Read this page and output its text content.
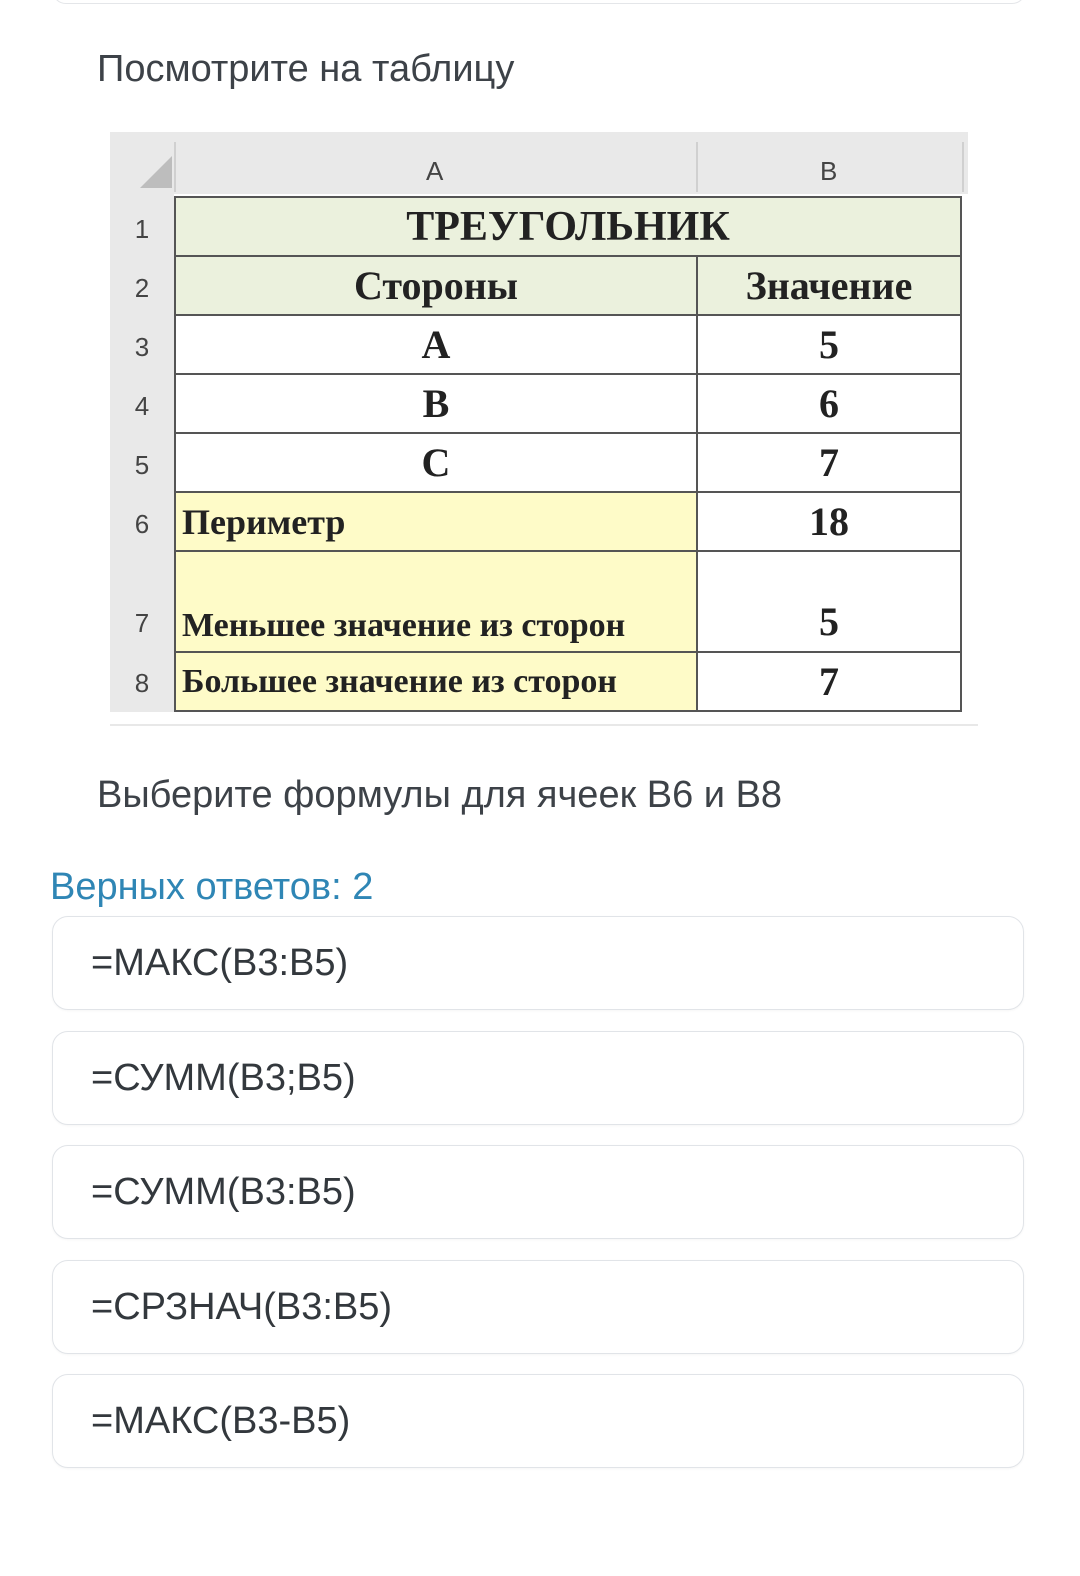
Посмотрите на таблицу
A	B
1
2
3
4
5
6
7
8
ТРЕУГОЛЬНИК
Стороны	Значение
A	5
B	6
C	7
Периметр	18
Меньшее значение из сторон	5
Большее значение из сторон	7
Выберите формулы для ячеек B6 и B8
Верных ответов: 2
=МАКС(B3:B5)
=СУММ(B3;B5)
=СУММ(B3:B5)
=СРЗНАЧ(B3:B5)
=МАКС(B3-B5)
